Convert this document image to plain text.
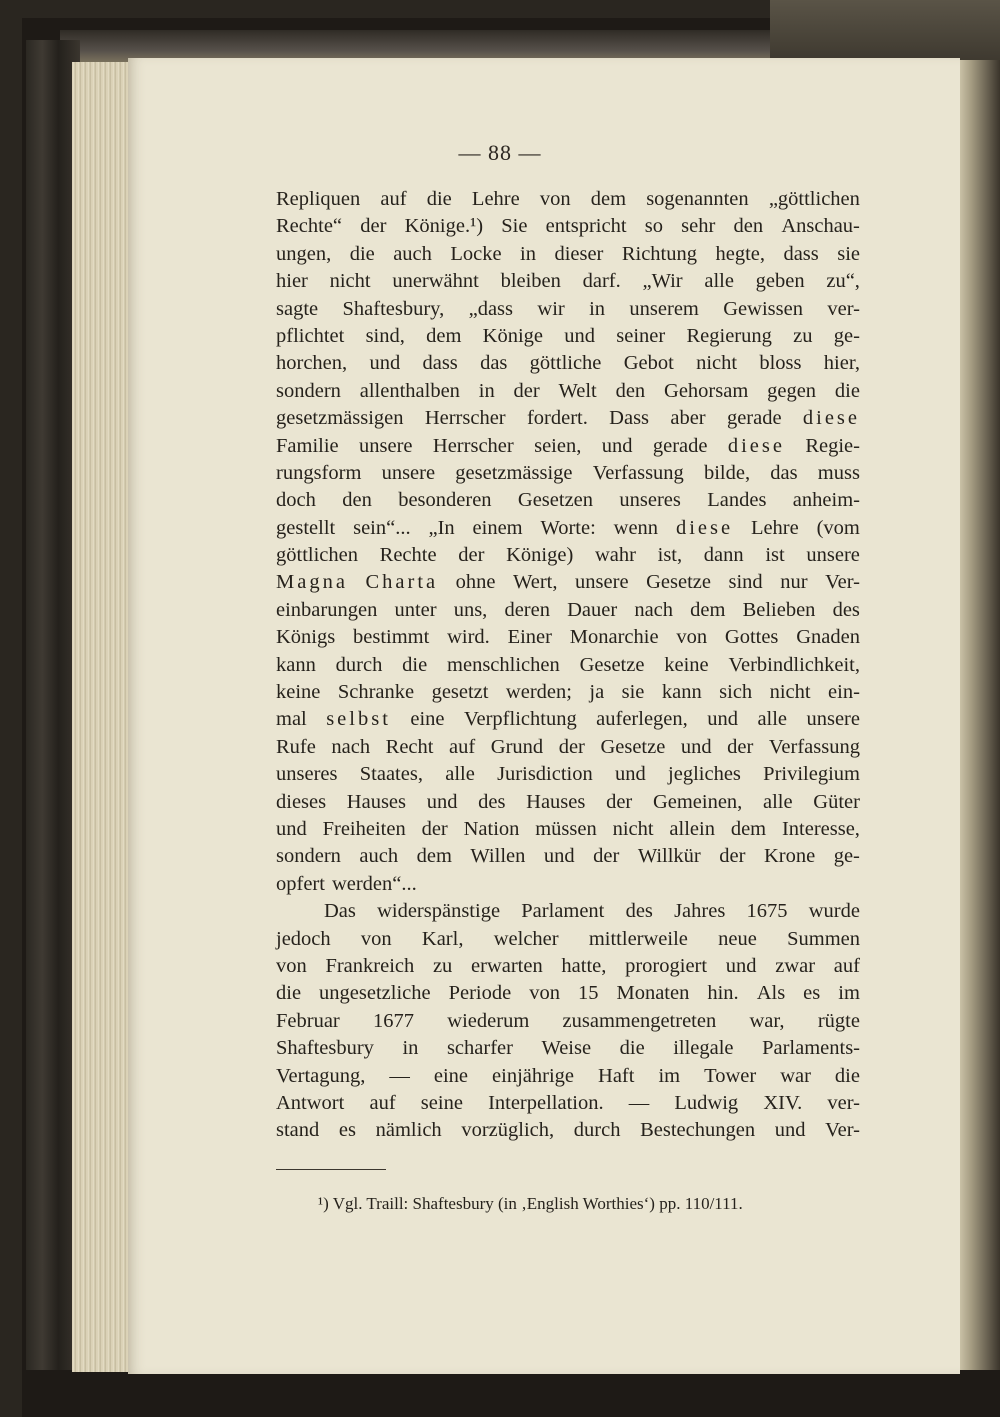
— 88 —
Repliquen auf die Lehre von dem sogenannten „göttlichen
Rechte“ der Könige.¹) Sie entspricht so sehr den Anschau-
ungen, die auch Locke in dieser Richtung hegte, dass sie
hier nicht unerwähnt bleiben darf. „Wir alle geben zu“,
sagte Shaftesbury, „dass wir in unserem Gewissen ver-
pflichtet sind, dem Könige und seiner Regierung zu ge-
horchen, und dass das göttliche Gebot nicht bloss hier,
sondern allenthalben in der Welt den Gehorsam gegen die
gesetzmässigen Herrscher fordert. Dass aber gerade diese
Familie unsere Herrscher seien, und gerade diese Regie-
rungsform unsere gesetzmässige Verfassung bilde, das muss
doch den besonderen Gesetzen unseres Landes anheim-
gestellt sein“... „In einem Worte: wenn diese Lehre (vom
göttlichen Rechte der Könige) wahr ist, dann ist unsere
Magna Charta ohne Wert, unsere Gesetze sind nur Ver-
einbarungen unter uns, deren Dauer nach dem Belieben des
Königs bestimmt wird. Einer Monarchie von Gottes Gnaden
kann durch die menschlichen Gesetze keine Verbindlichkeit,
keine Schranke gesetzt werden; ja sie kann sich nicht ein-
mal selbst eine Verpflichtung auferlegen, und alle unsere
Rufe nach Recht auf Grund der Gesetze und der Verfassung
unseres Staates, alle Jurisdiction und jegliches Privilegium
dieses Hauses und des Hauses der Gemeinen, alle Güter
und Freiheiten der Nation müssen nicht allein dem Interesse,
sondern auch dem Willen und der Willkür der Krone ge-
opfert werden“...
Das widerspänstige Parlament des Jahres 1675 wurde
jedoch von Karl, welcher mittlerweile neue Summen
von Frankreich zu erwarten hatte, prorogiert und zwar auf
die ungesetzliche Periode von 15 Monaten hin. Als es im
Februar 1677 wiederum zusammengetreten war, rügte
Shaftesbury in scharfer Weise die illegale Parlaments-
Vertagung, — eine einjährige Haft im Tower war die
Antwort auf seine Interpellation. — Ludwig XIV. ver-
stand es nämlich vorzüglich, durch Bestechungen und Ver-
¹) Vgl. Traill: Shaftesbury (in ‚English Worthies‘) pp. 110/111.
